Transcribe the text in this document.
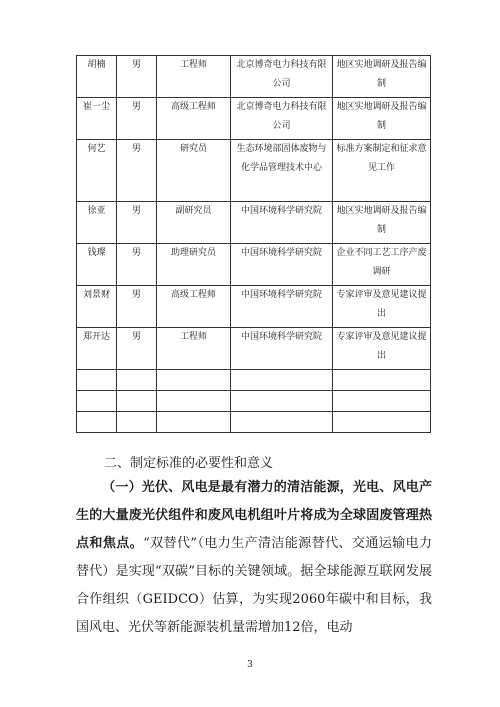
胡楠	男	工程师	北京博奇电力科技有限公司	地区实地调研及报告编制
崔一尘	男	高级工程师	北京博奇电力科技有限公司	地区实地调研及报告编制
何艺	男	研究员	生态环境部固体废物与化学品管理技术中心	标准方案制定和征求意见工作
徐亚	男	副研究员	中国环境科学研究院	地区实地调研及报告编制
钱璨	男	助理研究员	中国环境科学研究院	企业不同工艺工序产废调研
刘景财	男	高级工程师	中国环境科学研究院	专家评审及意见建议提出
郑开达	男	工程师	中国环境科学研究院	专家评审及意见建议提出

二、制定标准的必要性和意义
（一）光伏、风电是最有潜力的清洁能源，光电、风电产生的大量废光伏组件和废风电机组叶片将成为全球固废管理热点和焦点。“双替代”（电力生产清洁能源替代、交通运输电力替代）是实现“双碳”目标的关键领域。据全球能源互联网发展合作组织（GEIDCO）估算，为实现2060年碳中和目标，我国风电、光伏等新能源装机量需增加12倍，电动
3
